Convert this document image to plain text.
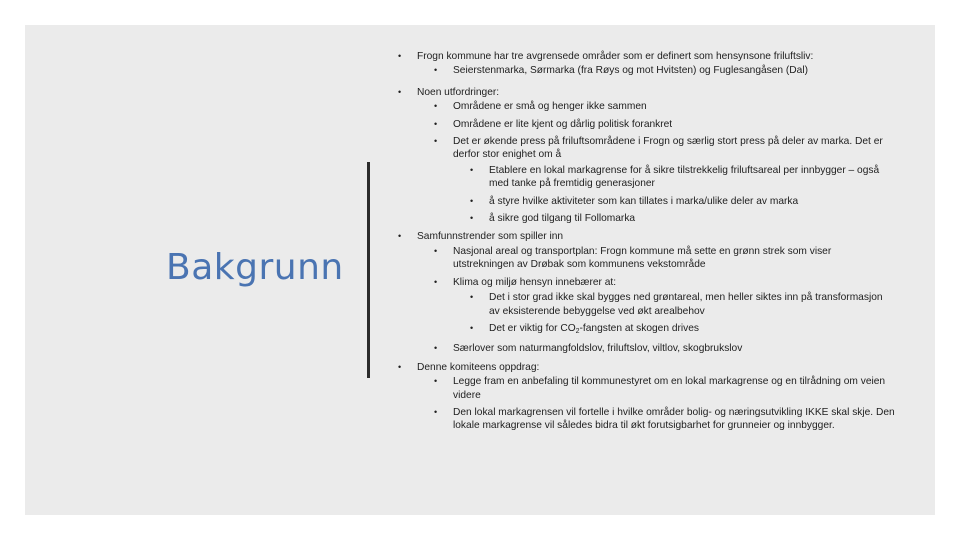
Bakgrunn
• Frogn kommune har tre avgrensede områder som er definert som hensynsone friluftsliv:
• Seierstenmarka, Sørmarka (fra Røys og mot Hvitsten) og Fuglesangåsen (Dal)
• Noen utfordringer:
• Områdene er små og henger ikke sammen
• Områdene er lite kjent og dårlig politisk forankret
• Det er økende press på friluftsområdene i Frogn og særlig stort press på deler av marka. Det er derfor stor enighet om å
• Etablere en lokal markagrense for å sikre tilstrekkelig friluftsareal per innbygger – også med tanke på fremtidig generasjoner
• å styre hvilke aktiviteter som kan tillates i marka/ulike deler av marka
• å sikre god tilgang til Follomarka
• Samfunnstrender som spiller inn
• Nasjonal areal og transportplan: Frogn kommune må sette en grønn strek som viser utstrekningen av Drøbak som kommunens vekstområde
• Klima og miljø hensyn innebærer at:
• Det i stor grad ikke skal bygges ned grøntareal, men heller siktes inn på transformasjon av eksisterende bebyggelse ved økt arealbehov
• Det er viktig for $CO_2$-fangsten at skogen drives
• Særlover som naturmangfoldslov, friluftslov, viltlov, skogbrukslov
• Denne komiteens oppdrag:
• Legge fram en anbefaling til kommunestyret om en lokal markagrense og en tilrådning om veien videre
• Den lokal markagrensen vil fortelle i hvilke områder bolig- og næringsutvikling IKKE skal skje. Den lokale markagrense vil således bidra til økt forutsigbarhet for grunneier og innbygger.
